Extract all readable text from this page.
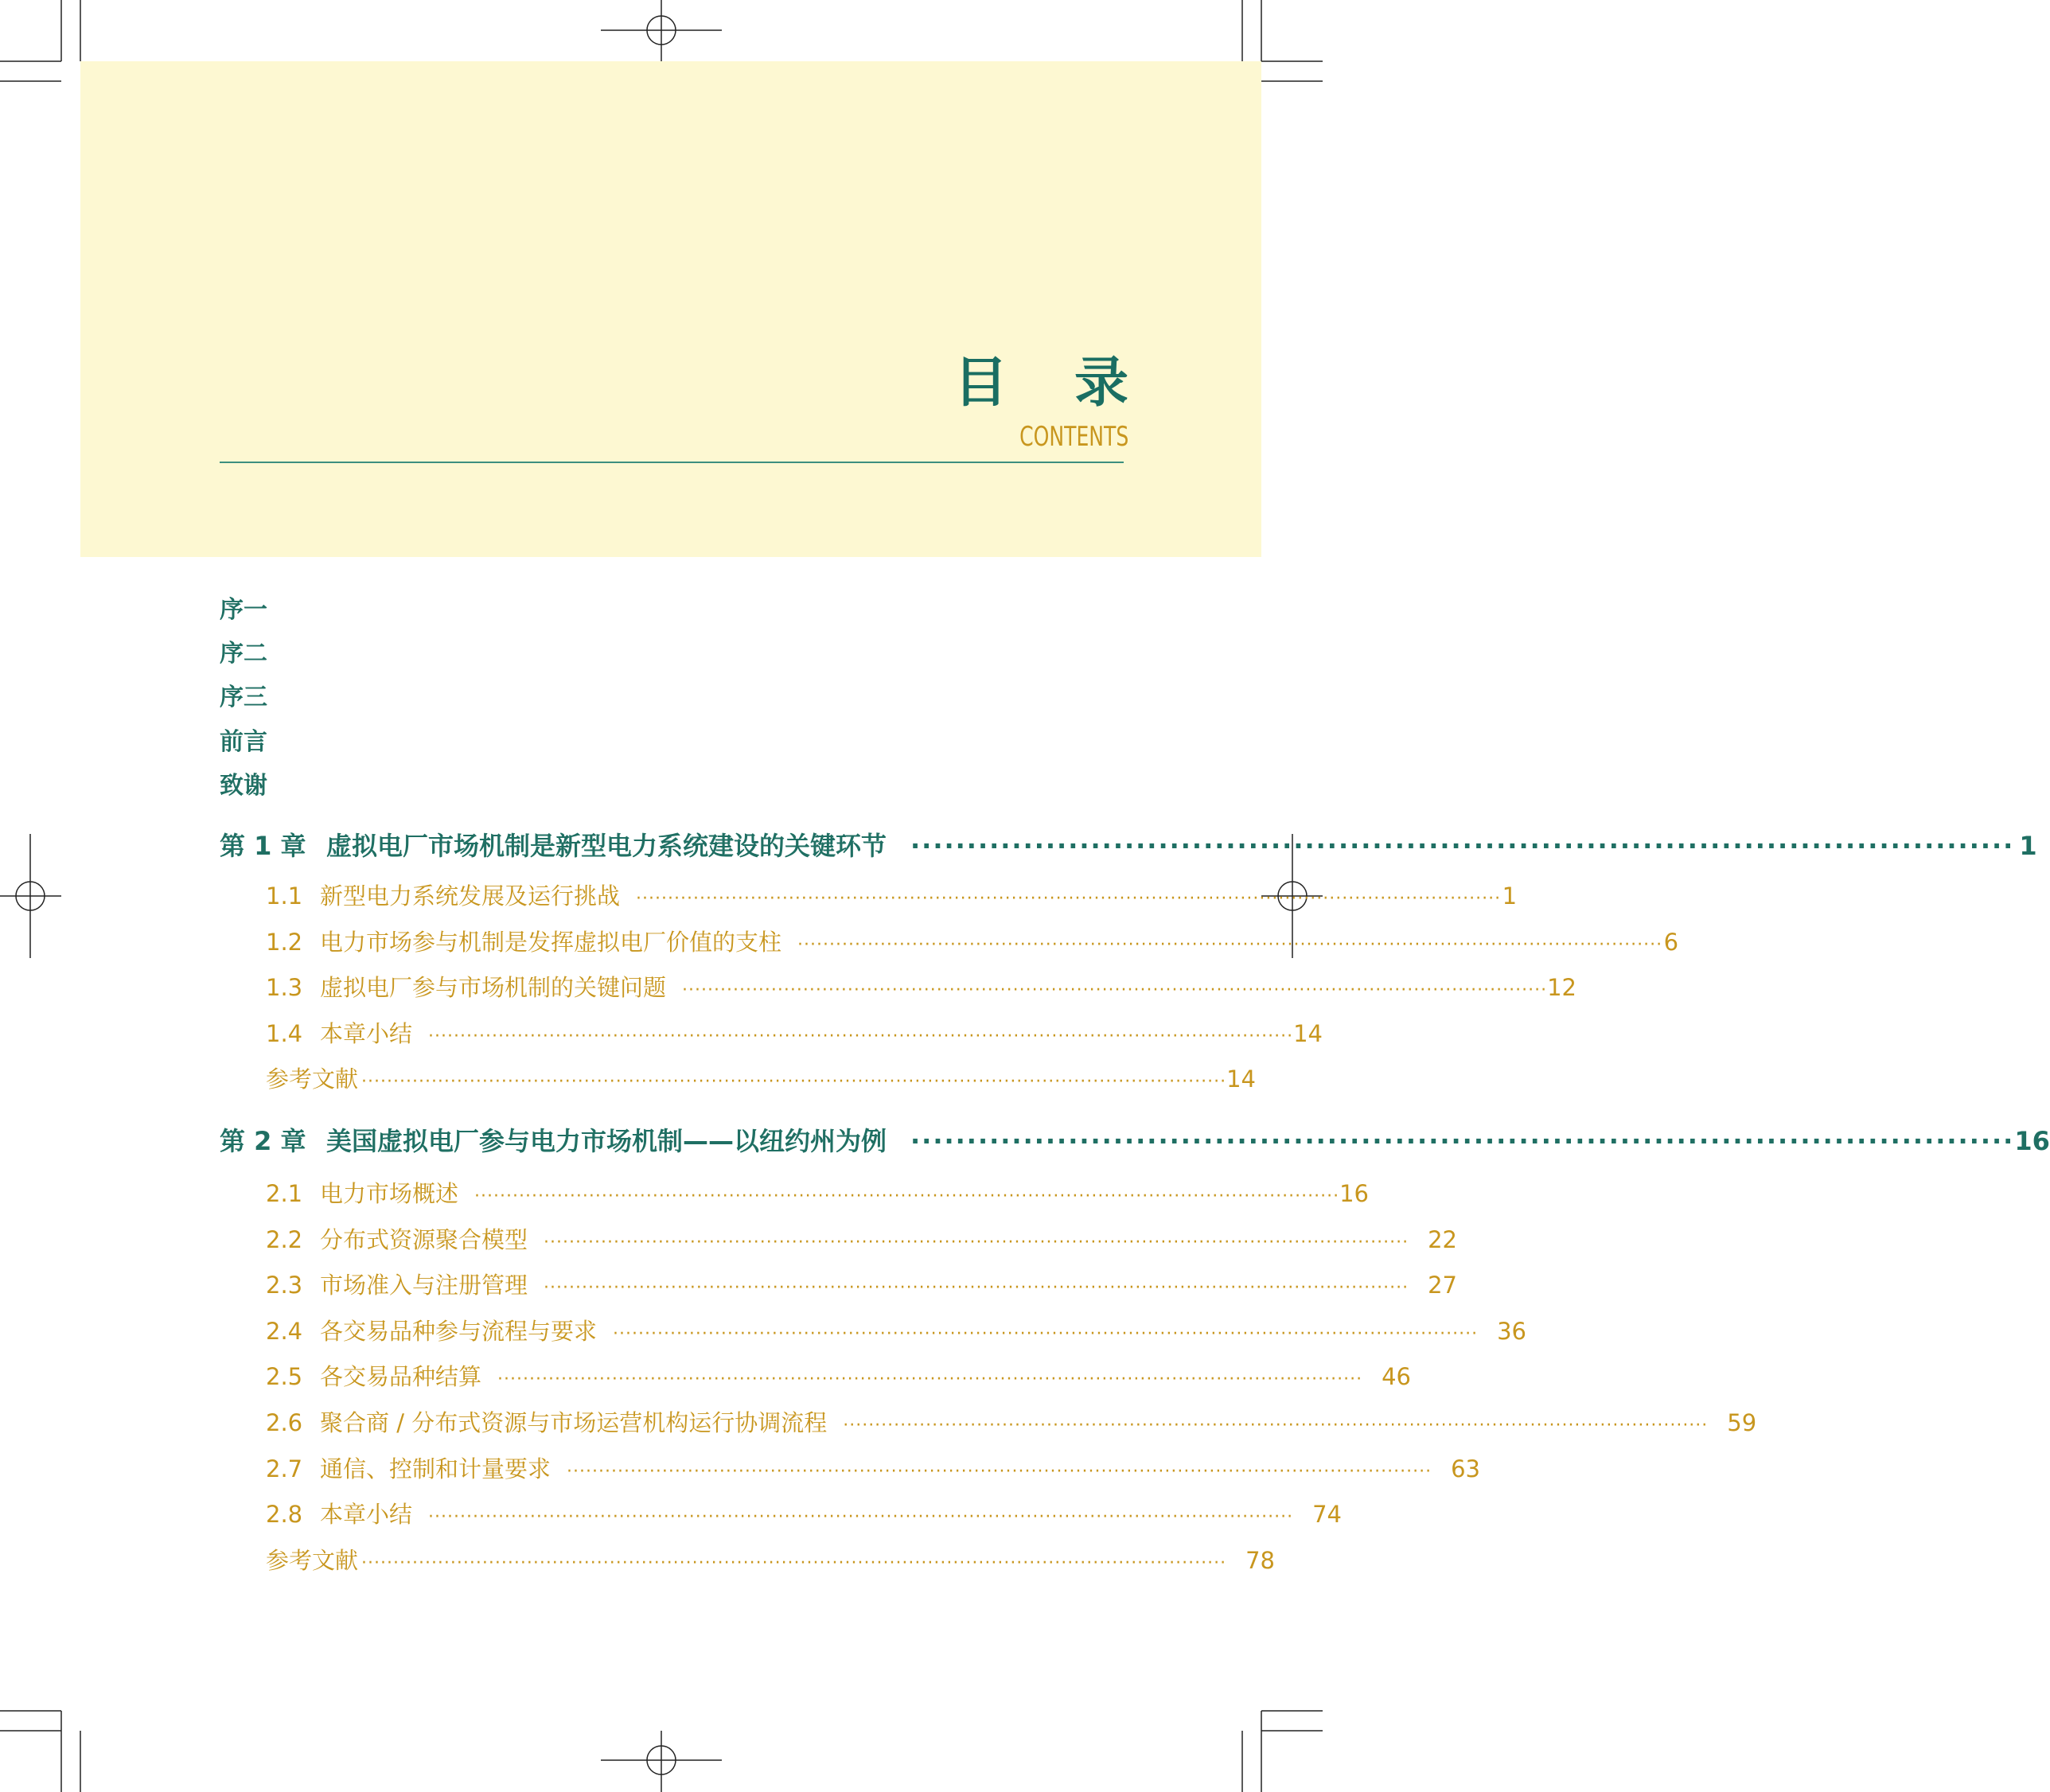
目 录
CONTENTS
序一
序二
序三
前言
致谢
第 1 章 虚拟电厂市场机制是新型电力系统建设的关键环节 ·································································································· 1
1.1 新型电力系统发展及运行挑战 ········································································································································ 1
1.2 电力市场参与机制是发挥虚拟电厂价值的支柱 ········································································································································ 6
1.3 虚拟电厂参与市场机制的关键问题 ········································································································································ 12
1.4 本章小结 ········································································································································ 14
参考文献 ········································································································································ 14
第 2 章 美国虚拟电厂参与电力市场机制——以纽约州为例 ·································································································· 16
2.1 电力市场概述 ········································································································································ 16
2.2 分布式资源聚合模型 ········································································································································ 22
2.3 市场准入与注册管理 ········································································································································ 27
2.4 各交易品种参与流程与要求 ········································································································································ 36
2.5 各交易品种结算 ········································································································································ 46
2.6 聚合商 / 分布式资源与市场运营机构运行协调流程 ········································································································································ 59
2.7 通信、控制和计量要求 ········································································································································ 63
2.8 本章小结 ········································································································································ 74
参考文献 ········································································································································ 78
